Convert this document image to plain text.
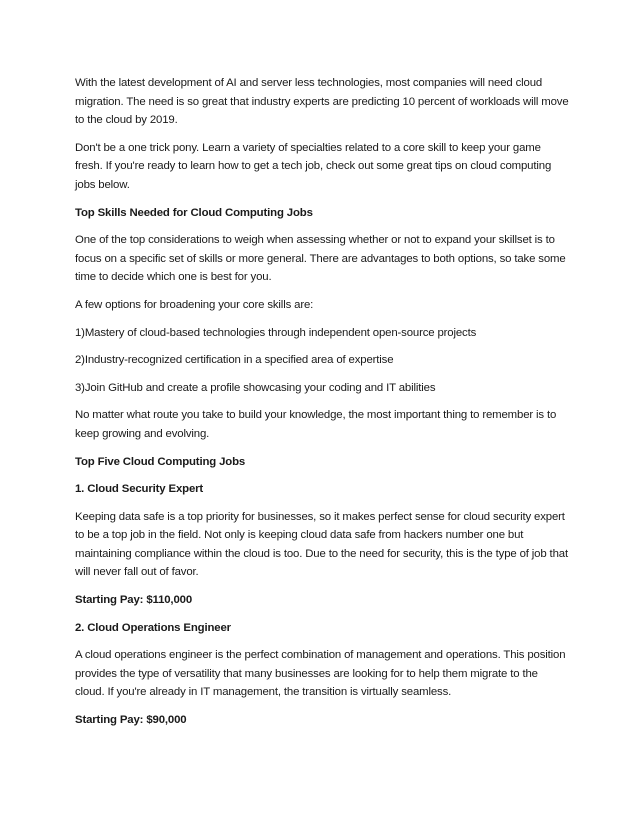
With the latest development of AI and server less technologies, most companies will need cloud migration. The need is so great that industry experts are predicting 10 percent of workloads will move to the cloud by 2019.

Don't be a one trick pony. Learn a variety of specialties related to a core skill to keep your game fresh. If you're ready to learn how to get a tech job, check out some great tips on cloud computing jobs below.

Top Skills Needed for Cloud Computing Jobs

One of the top considerations to weigh when assessing whether or not to expand your skillset is to focus on a specific set of skills or more general. There are advantages to both options, so take some time to decide which one is best for you.

A few options for broadening your core skills are:

1)Mastery of cloud-based technologies through independent open-source projects

2)Industry-recognized certification in a specified area of expertise

3)Join GitHub and create a profile showcasing your coding and IT abilities

No matter what route you take to build your knowledge, the most important thing to remember is to keep growing and evolving.

Top Five Cloud Computing Jobs

1. Cloud Security Expert

Keeping data safe is a top priority for businesses, so it makes perfect sense for cloud security expert to be a top job in the field. Not only is keeping cloud data safe from hackers number one but maintaining compliance within the cloud is too. Due to the need for security, this is the type of job that will never fall out of favor.

Starting Pay: $110,000

2. Cloud Operations Engineer

A cloud operations engineer is the perfect combination of management and operations. This position provides the type of versatility that many businesses are looking for to help them migrate to the cloud. If you're already in IT management, the transition is virtually seamless.

Starting Pay: $90,000
